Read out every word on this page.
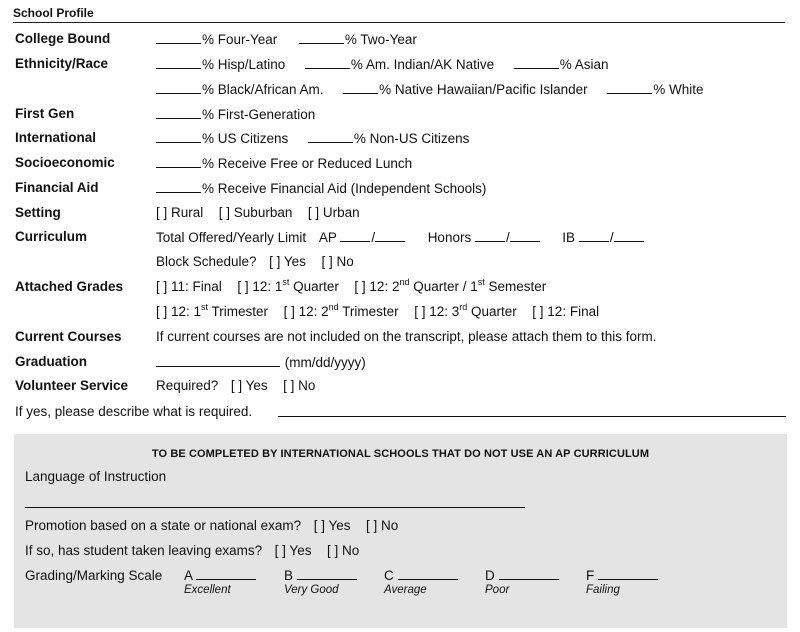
School Profile
College Bound	% Four-Year	% Two-Year
Ethnicity/Race	% Hisp/Latino	% Am. Indian/AK Native	% Asian
% Black/African Am.	% Native Hawaiian/Pacific Islander	% White
First Gen	% First-Generation
International	% US Citizens	% Non-US Citizens
Socioeconomic	% Receive Free or Reduced Lunch
Financial Aid	% Receive Financial Aid (Independent Schools)
Setting	[ ] Rural [ ] Suburban [ ] Urban
Curriculum	Total Offered/Yearly Limit AP	/	Honors	/	IB	/
Block Schedule? [ ] Yes [ ] No
Attached Grades [ ] 11: Final [ ] 12: 1st Quarter [ ] 12: 2nd Quarter / 1st Semester
[ ] 12: 1st Trimester [ ] 12: 2nd Trimester [ ] 12: 3rd Quarter [ ] 12: Final
Current Courses	If current courses are not included on the transcript, please attach them to this form.
Graduation	(mm/dd/yyyy)
Volunteer Service Required? [ ] Yes [ ] No
If yes, please describe what is required.
TO BE COMPLETED BY INTERNATIONAL SCHOOLS THAT DO NOT USE AN AP CURRICULUM
Language of Instruction
Promotion based on a state or national exam? [ ] Yes [ ] No
If so, has student taken leaving exams? [ ] Yes [ ] No
Grading/Marking Scale A
Excellent
B
Very Good
C
Average
D
Poor
F
Failing
